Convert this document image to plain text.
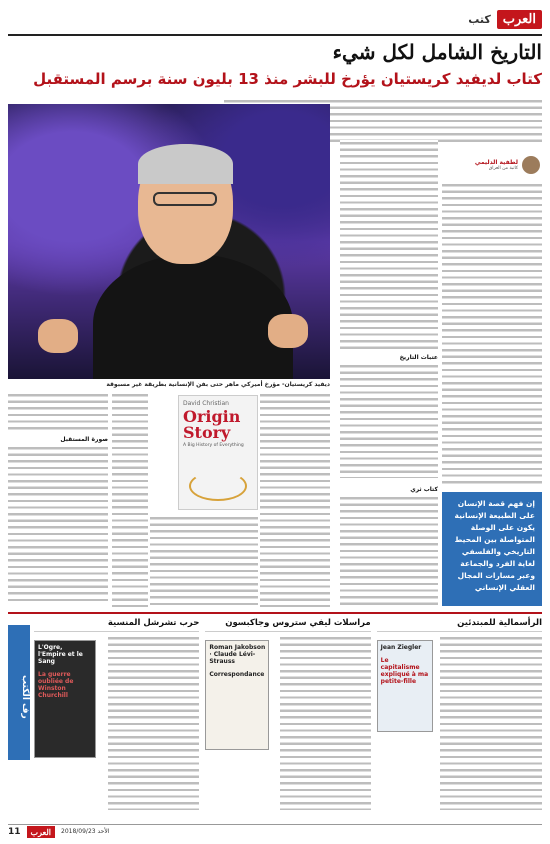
العرب
كتب
التاريخ الشامل لكل شيء
كتاب لديفيد كريستيان يؤرخ للبشر منذ 13 بليون سنة برسم المستقبل
ديفيد كريستيان- مؤرخ أميركي ماهر حتى بفن الإنسانية بطريقة غير مسبوقة
لطفية الدليمي
كاتبة من العراق
عتبات التاريخ
إن فهم قصة الإنسان على الطبيعة الإنسانية يكون على الوصلة المتواصلة بين المحيط التاريخي والفلسفي لغاية الفرد والجماعة وعبر مسارات المجال العقلي الإنساني
كتاب ثري
صورة المستقبل
David Christian
Origin Story
A Big History of Everything
رف الكتب
الرأسمالية للمبتدئين
Jean Ziegler
Le capitalisme expliqué à ma petite-fille
مراسلات ليفي ستروس وجاكبسون
Roman Jakobson · Claude Lévi-Strauss
Correspondance
حرب تشرشل المنسية
L'Ogre, l'Empire et le Sang
La guerre oubliée de Winston Churchill
11	العرب	الأحد 2018/09/23
